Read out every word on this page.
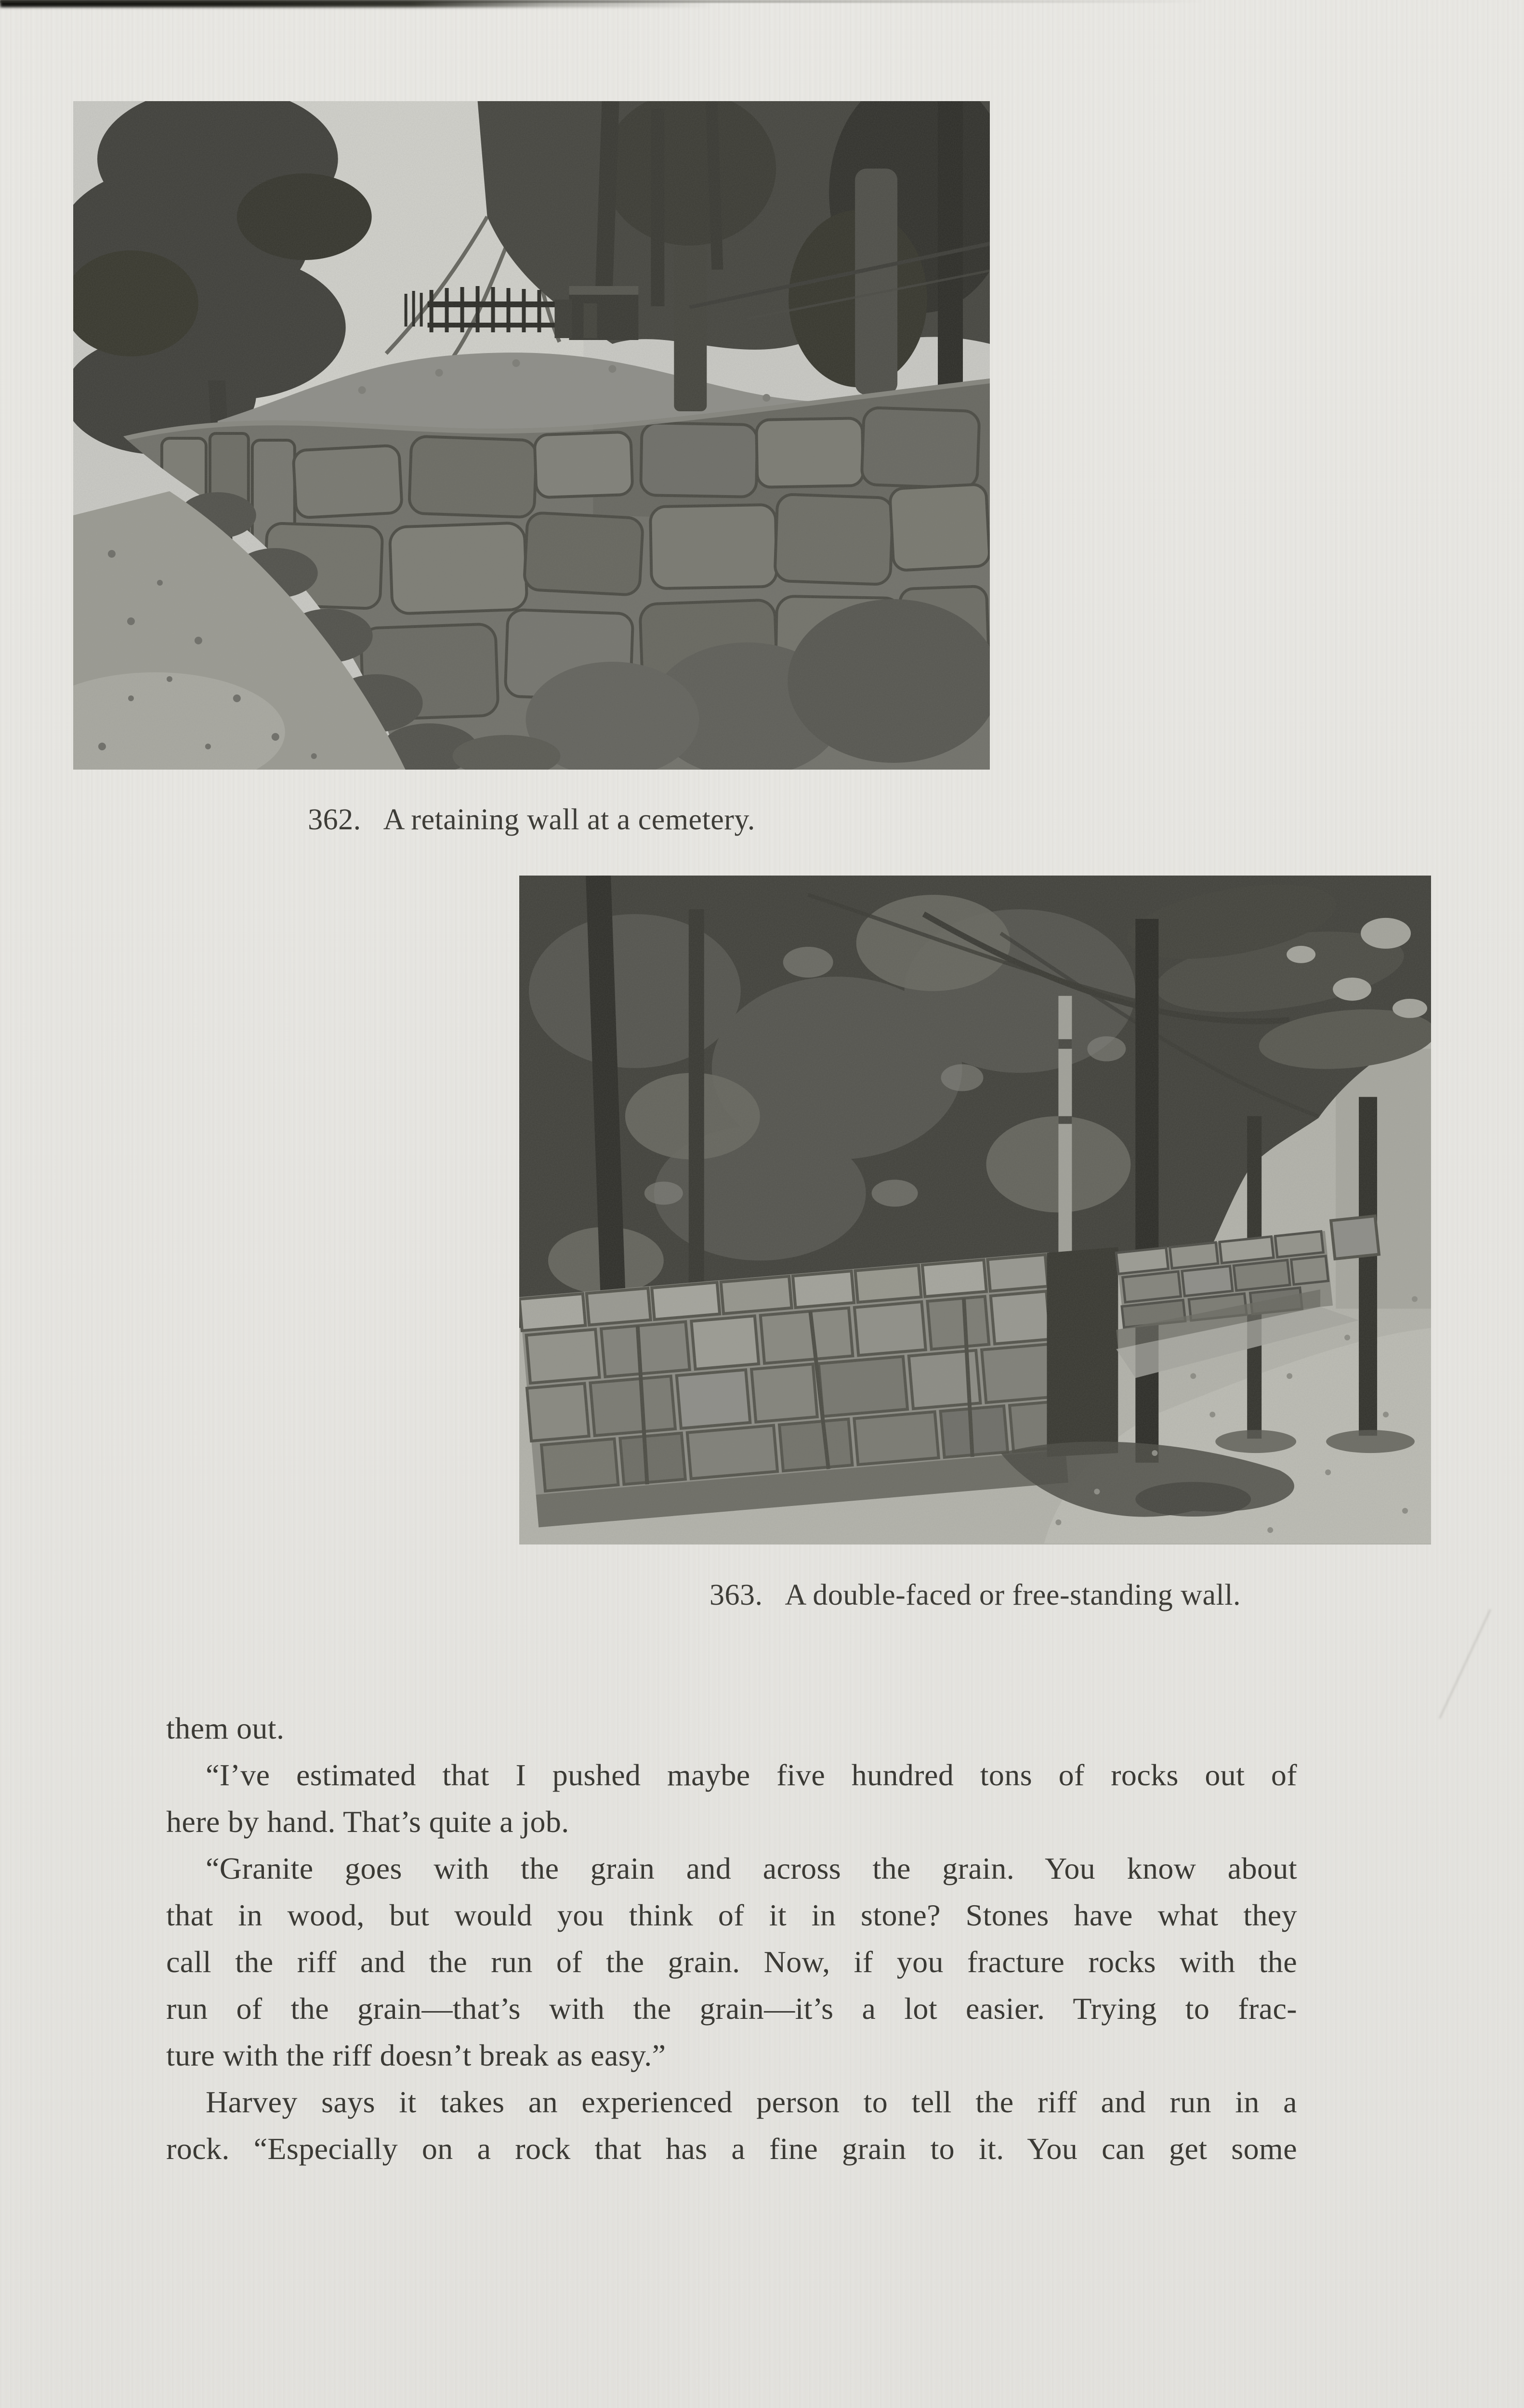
362. A retaining wall at a cemetery.
363. A double-faced or free-standing wall.
them out.
“I’ve estimated that I pushed maybe five hundred tons of rocks out of
here by hand. That’s quite a job.
“Granite goes with the grain and across the grain. You know about
that in wood, but would you think of it in stone? Stones have what they
call the riff and the run of the grain. Now, if you fracture rocks with the
run of the grain—that’s with the grain—it’s a lot easier. Trying to frac-
ture with the riff doesn’t break as easy.”
Harvey says it takes an experienced person to tell the riff and run in a
rock. “Especially on a rock that has a fine grain to it. You can get some
